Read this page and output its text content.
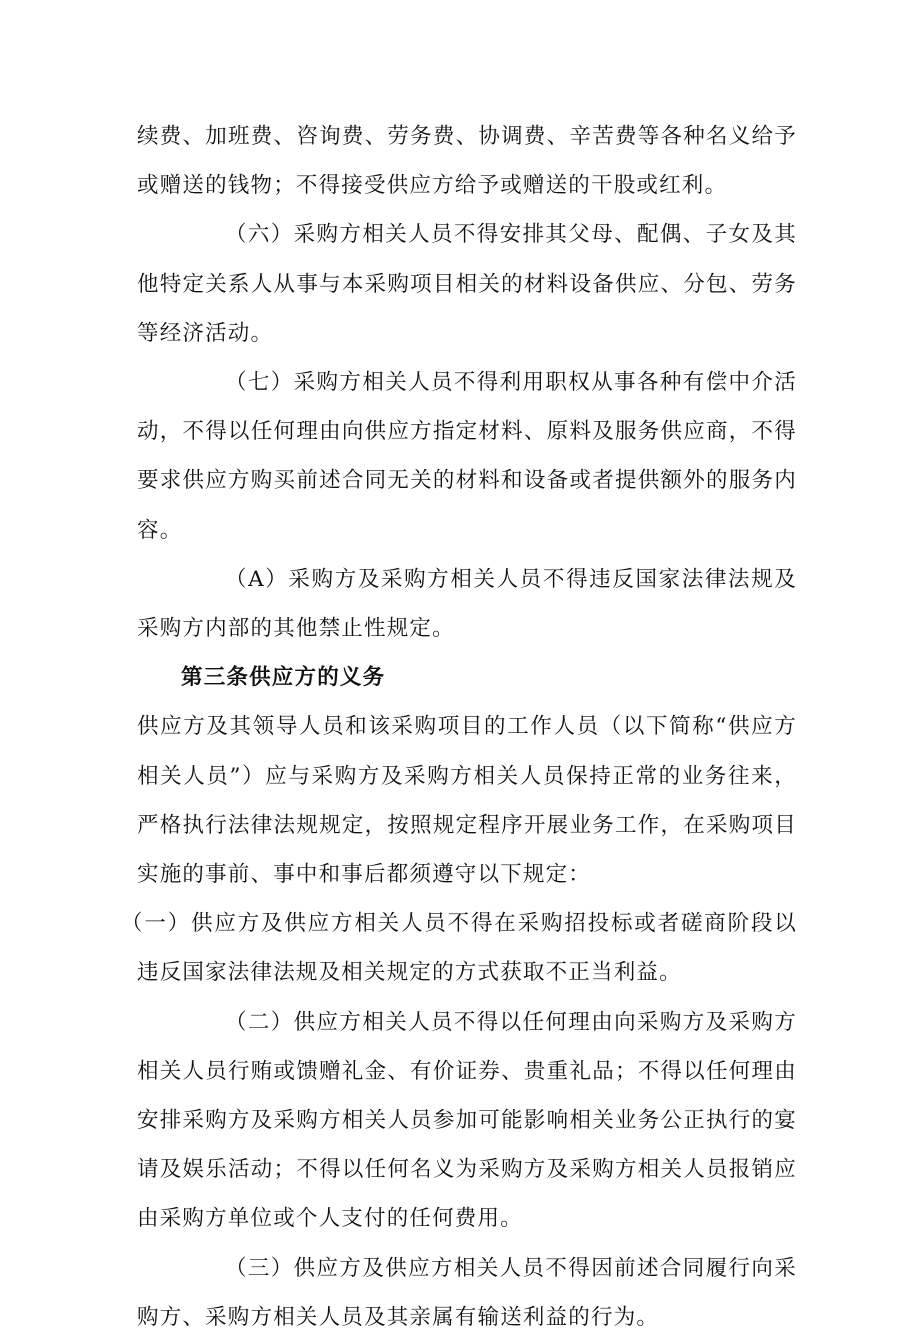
续费、加班费、咨询费、劳务费、协调费、辛苦费等各种名义给予或赠送的钱物；不得接受供应方给予或赠送的干股或红利。

（六）采购方相关人员不得安排其父母、配偶、子女及其他特定关系人从事与本采购项目相关的材料设备供应、分包、劳务等经济活动。

（七）采购方相关人员不得利用职权从事各种有偿中介活动，不得以任何理由向供应方指定材料、原料及服务供应商，不得要求供应方购买前述合同无关的材料和设备或者提供额外的服务内容。

（A）采购方及采购方相关人员不得违反国家法律法规及采购方内部的其他禁止性规定。

第三条供应方的义务

供应方及其领导人员和该采购项目的工作人员（以下简称“供应方相关人员”）应与采购方及采购方相关人员保持正常的业务往来，严格执行法律法规规定，按照规定程序开展业务工作，在采购项目实施的事前、事中和事后都须遵守以下规定：

（一）供应方及供应方相关人员不得在采购招投标或者磋商阶段以违反国家法律法规及相关规定的方式获取不正当利益。

（二）供应方相关人员不得以任何理由向采购方及采购方相关人员行贿或馈赠礼金、有价证券、贵重礼品；不得以任何理由安排采购方及采购方相关人员参加可能影响相关业务公正执行的宴请及娱乐活动；不得以任何名义为采购方及采购方相关人员报销应由采购方单位或个人支付的任何费用。

（三）供应方及供应方相关人员不得因前述合同履行向采购方、采购方相关人员及其亲属有输送利益的行为。
